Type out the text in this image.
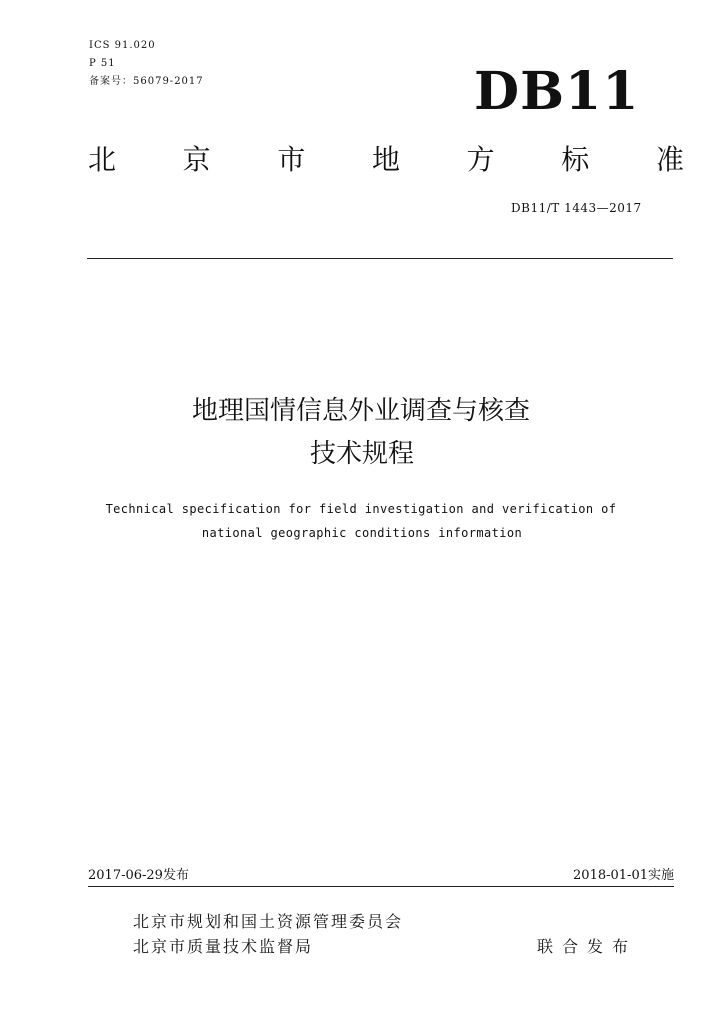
ICS 91.020
P 51
备案号：56079-2017	DB11
北 京 市 地 方 标 准
DB11/T 1443—2017
地理国情信息外业调查与核查
技术规程
Technical specification for field investigation and verification of
national geographic conditions information
2017-06-29发布	2018-01-01实施
北京市规划和国土资源管理委员会
北京市质量技术监督局	联合发布
